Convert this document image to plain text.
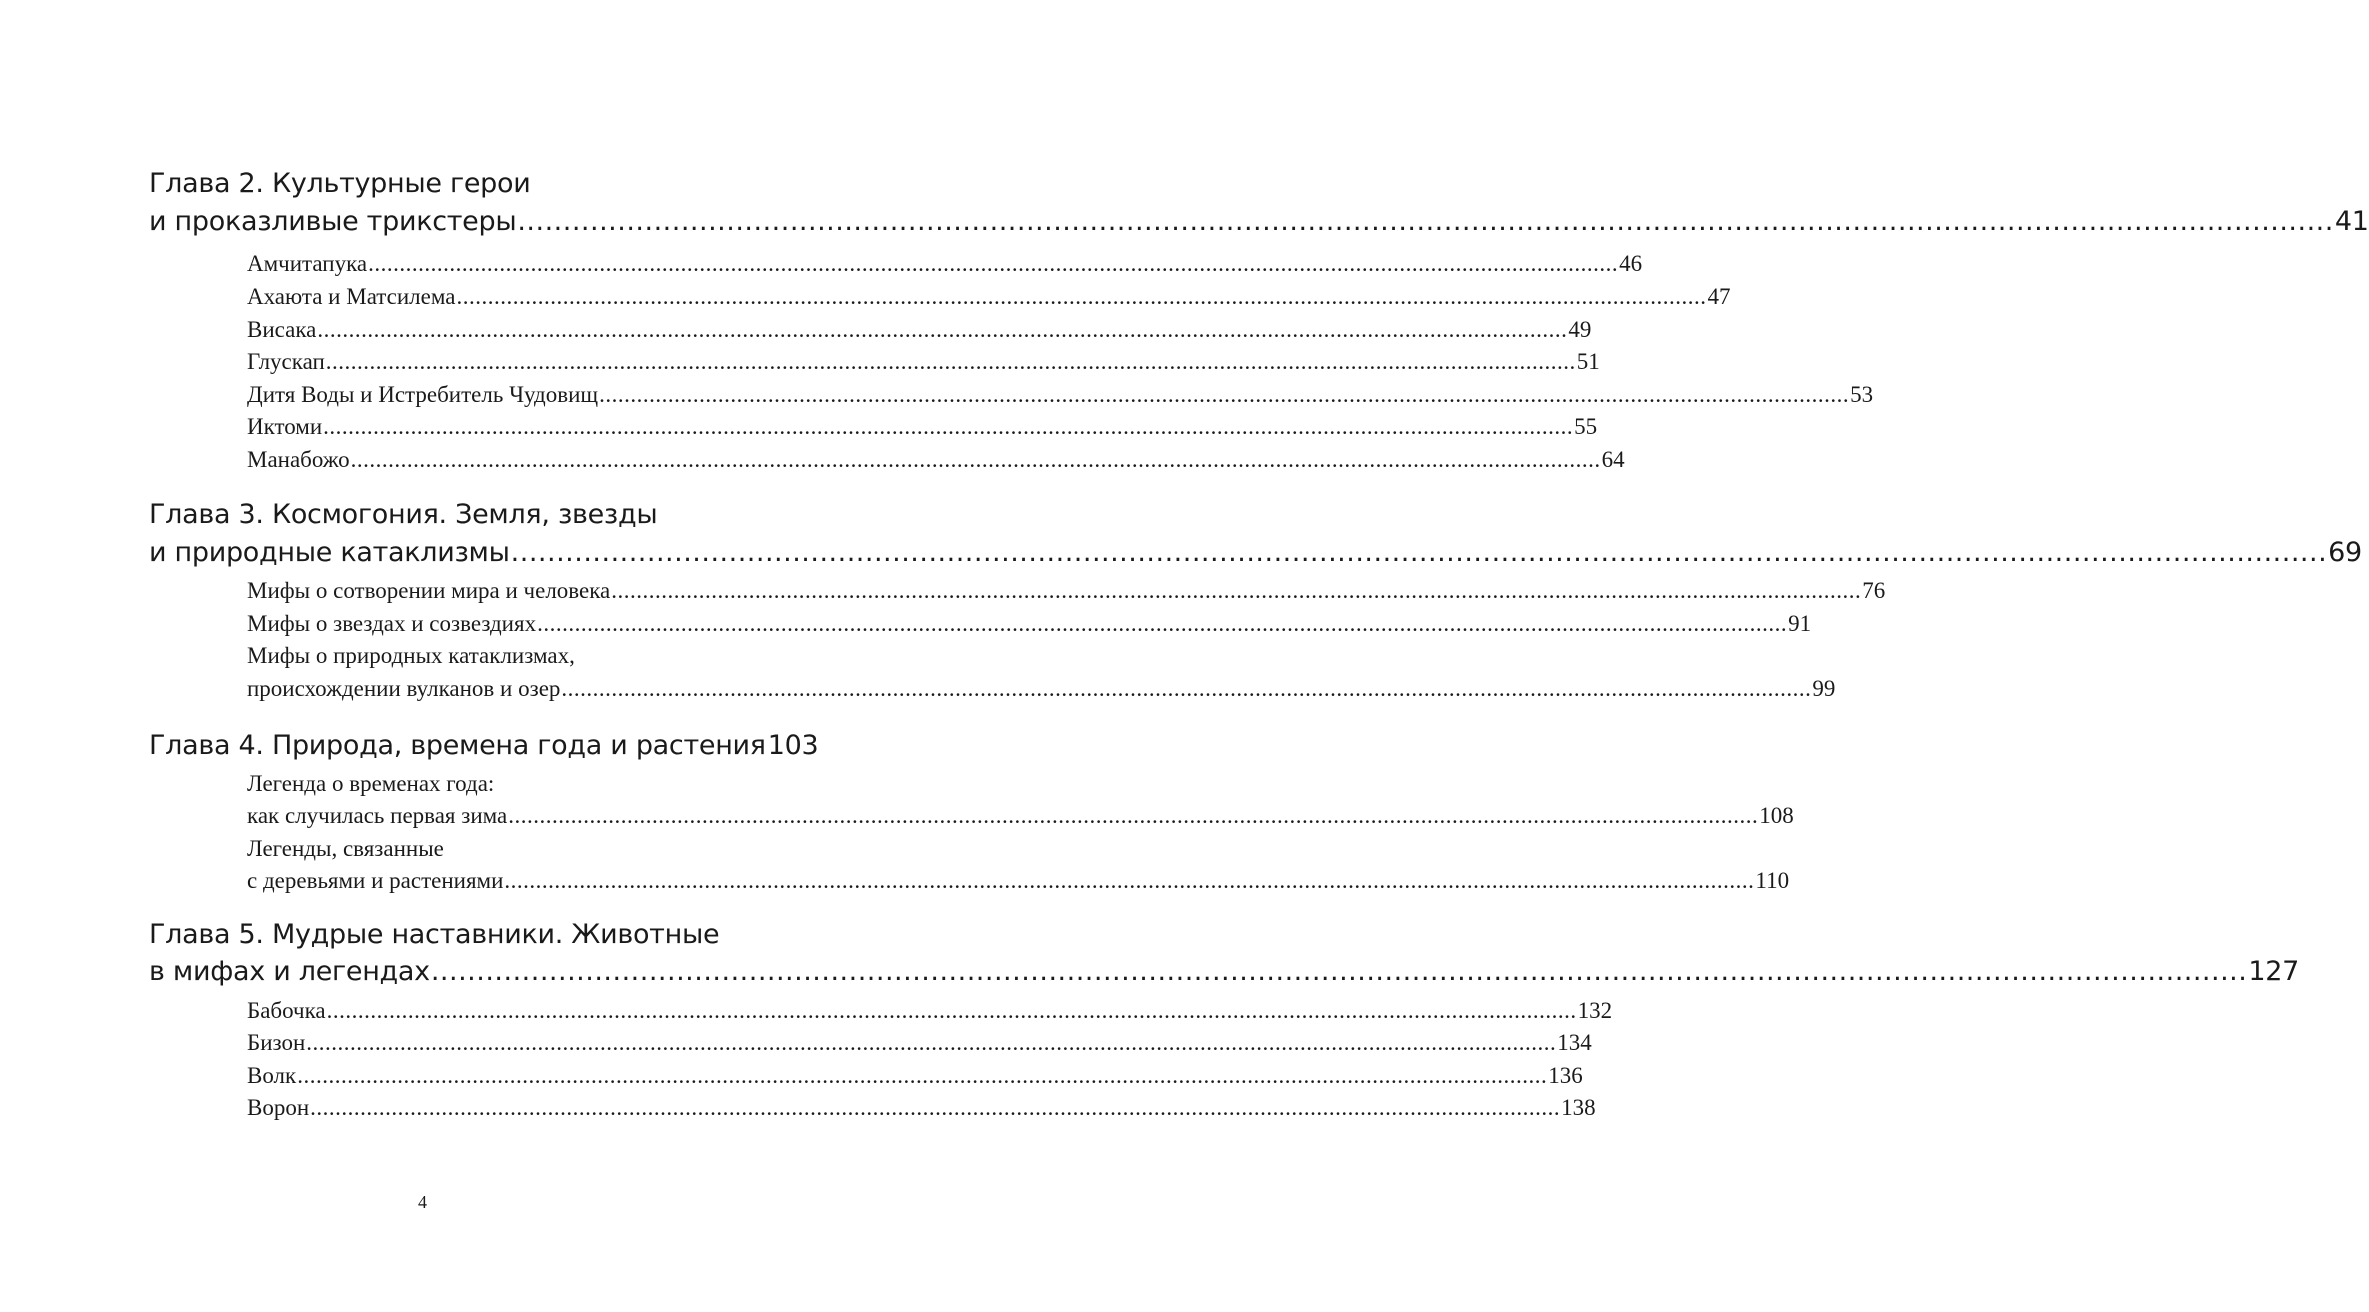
Глава 2. Культурные герои
и проказливые трикстеры ........................................................................................................................................................................................................ 41
Амчитапука ........................................................................................................................................................................................................ 46
Ахаюта и Матсилема ........................................................................................................................................................................................................ 47
Висака ........................................................................................................................................................................................................ 49
Глускап ........................................................................................................................................................................................................ 51
Дитя Воды и Истребитель Чудовищ ........................................................................................................................................................................................................ 53
Иктоми ........................................................................................................................................................................................................ 55
Манабожо ........................................................................................................................................................................................................ 64
Глава 3. Космогония. Земля, звезды
и природные катаклизмы ........................................................................................................................................................................................................ 69
Мифы о сотворении мира и человека ........................................................................................................................................................................................................ 76
Мифы о звездах и созвездиях ........................................................................................................................................................................................................ 91
Мифы о природных катаклизмах,
происхождении вулканов и озер ........................................................................................................................................................................................................ 99
Глава 4. Природа, времена года и растения 103
Легенда о временах года:
как случилась первая зима ........................................................................................................................................................................................................ 108
Легенды, связанные
с деревьями и растениями ........................................................................................................................................................................................................ 110
Глава 5. Мудрые наставники. Животные
в мифах и легендах ........................................................................................................................................................................................................ 127
Бабочка ........................................................................................................................................................................................................ 132
Бизон ........................................................................................................................................................................................................ 134
Волк ........................................................................................................................................................................................................ 136
Ворон ........................................................................................................................................................................................................ 138
4
